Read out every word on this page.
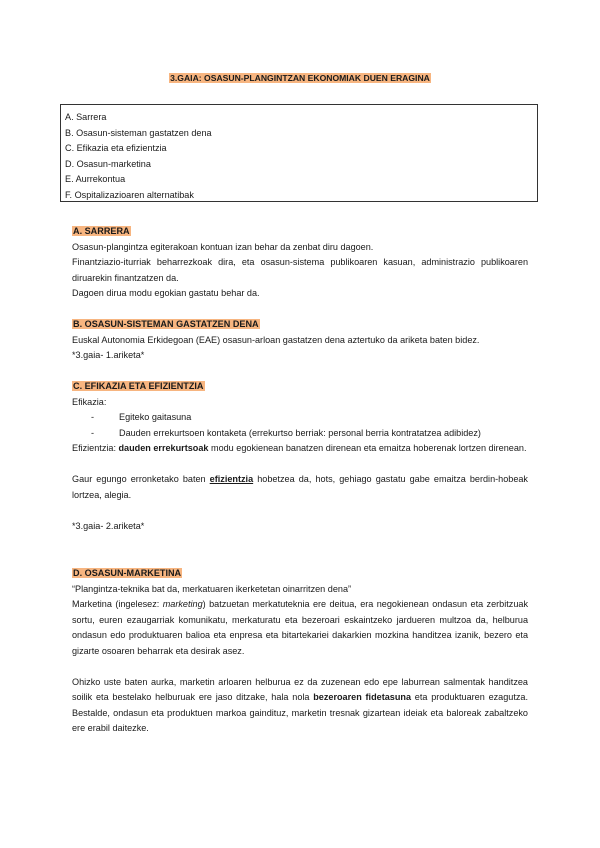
3.GAIA: OSASUN-PLANGINTZAN EKONOMIAK DUEN ERAGINA
A. Sarrera
B. Osasun-sisteman gastatzen dena
C. Efikazia eta efizientzia
D. Osasun-marketina
E. Aurrekontua
F. Ospitalizazioaren alternatibak

A. SARRERA

Osasun-plangintza egiterakoan kontuan izan behar da zenbat diru dagoen.

Finantziazio-iturriak beharrezkoak dira, eta osasun-sistema publikoaren kasuan, administrazio publikoaren diruarekin finantzatzen da.

Dagoen dirua modu egokian gastatu behar da.

B. OSASUN-SISTEMAN GASTATZEN DENA

Euskal Autonomia Erkidegoan (EAE) osasun-arloan gastatzen dena aztertuko da ariketa baten bidez.

*3.gaia- 1.ariketa*

C. EFIKAZIA ETA EFIZIENTZIA

Efikazia:

-	Egiteko gaitasuna
-	Dauden errekurtsoen kontaketa (errekurtso berriak: personal berria kontratatzea adibidez)

Efizientzia: dauden errekurtsoak modu egokienean banatzen direnean eta emaitza hoberenak lortzen direnean.

Gaur egungo erronketako baten efizientzia hobetzea da, hots, gehiago gastatu gabe emaitza berdin-hobeak lortzea, alegia.

*3.gaia- 2.ariketa*

D. OSASUN-MARKETINA

“Plangintza-teknika bat da, merkatuaren ikerketetan oinarritzen dena”

Marketina (ingelesez: marketing) batzuetan merkatuteknia ere deitua, era negokienean ondasun eta zerbitzuak sortu, euren ezaugarriak komunikatu, merkaturatu eta bezeroari eskaintzeko jardueren multzoa da, helburua ondasun edo produktuaren balioa eta enpresa eta bitartekariei dakarkien mozkina handitzea izanik, bezero eta gizarte osoaren beharrak eta desirak asez.

Ohizko uste baten aurka, marketin arloaren helburua ez da zuzenean edo epe laburrean salmentak handitzea soilik eta bestelako helburuak ere jaso ditzake, hala nola bezeroaren fidetasuna eta produktuaren ezagutza. Bestalde, ondasun eta produktuen markoa gaindituz, marketin tresnak gizartean ideiak eta baloreak zabaltzeko ere erabil daitezke.
